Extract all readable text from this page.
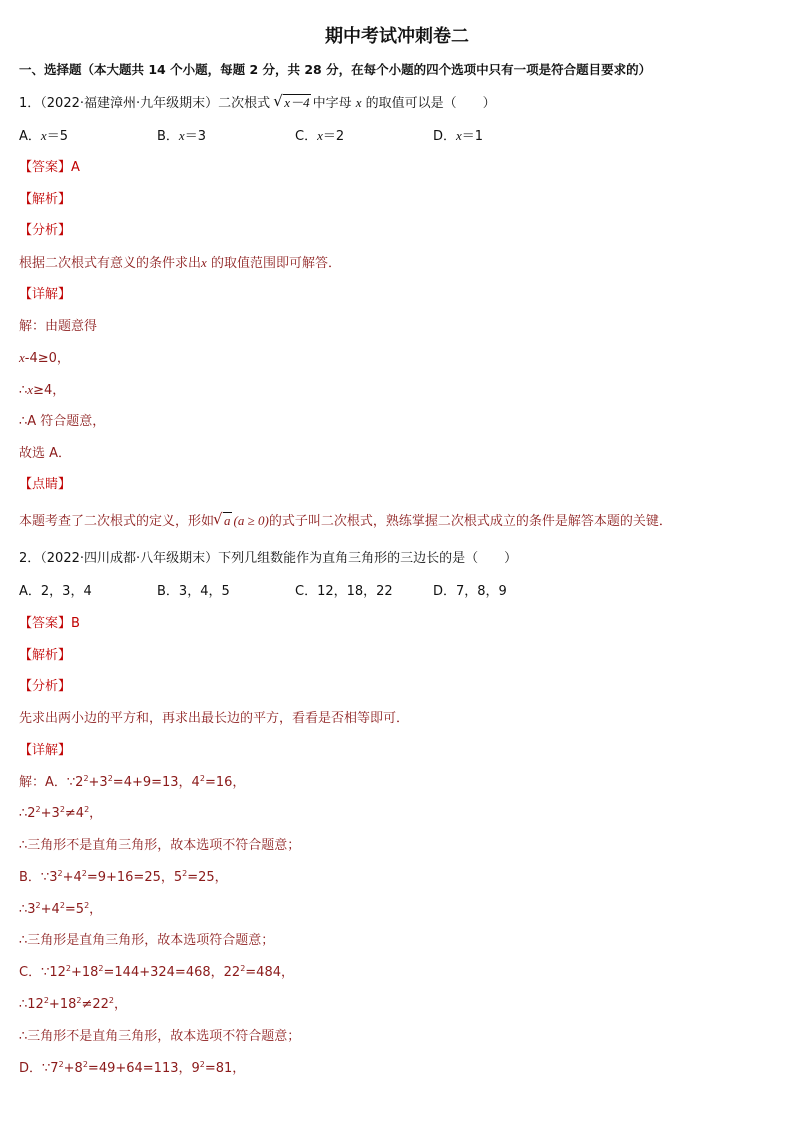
期中考试冲刺卷二
一、选择题（本大题共 14 个小题，每题 2 分，共 28 分，在每个小题的四个选项中只有一项是符合题目要求的）
1．（2022·福建漳州·九年级期末）二次根式 √ x－4 中字母 x 的取值可以是（　　）
A．x＝5	B．x＝3	C．x＝2	D．x＝1
【答案】A
【解析】
【分析】
根据二次根式有意义的条件求出x 的取值范围即可解答．
【详解】
解：由题意得
x-4≥0，
∴x≥4，
∴A 符合题意，
故选 A．
【点睛】
本题考查了二次根式的定义，形如 √ a (a ≥ 0)的式子叫二次根式，熟练掌握二次根式成立的条件是解答本题的关键．
2．（2022·四川成都·八年级期末）下列几组数能作为直角三角形的三边长的是（　　）
A．2，3，4	B．3，4，5	C．12，18，22	D．7，8，9
【答案】B
【解析】
【分析】
先求出两小边的平方和，再求出最长边的平方，看看是否相等即可．
【详解】
解：A．$\because 2^2+3^2=4+9=13$，$4^2=16$，
$\therefore 2^2+3^2\ne 4^2$，
∴三角形不是直角三角形，故本选项不符合题意；
B．$\because 3^2+4^2=9+16=25$，$5^2=25$，
$\therefore 3^2+4^2=5^2$，
∴三角形是直角三角形，故本选项符合题意；
C．$\because 12^2+18^2=144+324=468$，$22^2=484$，
$\therefore 12^2+18^2\ne 22^2$，
∴三角形不是直角三角形，故本选项不符合题意；
D．$\because 7^2+8^2=49+64=113$，$9^2=81$，
